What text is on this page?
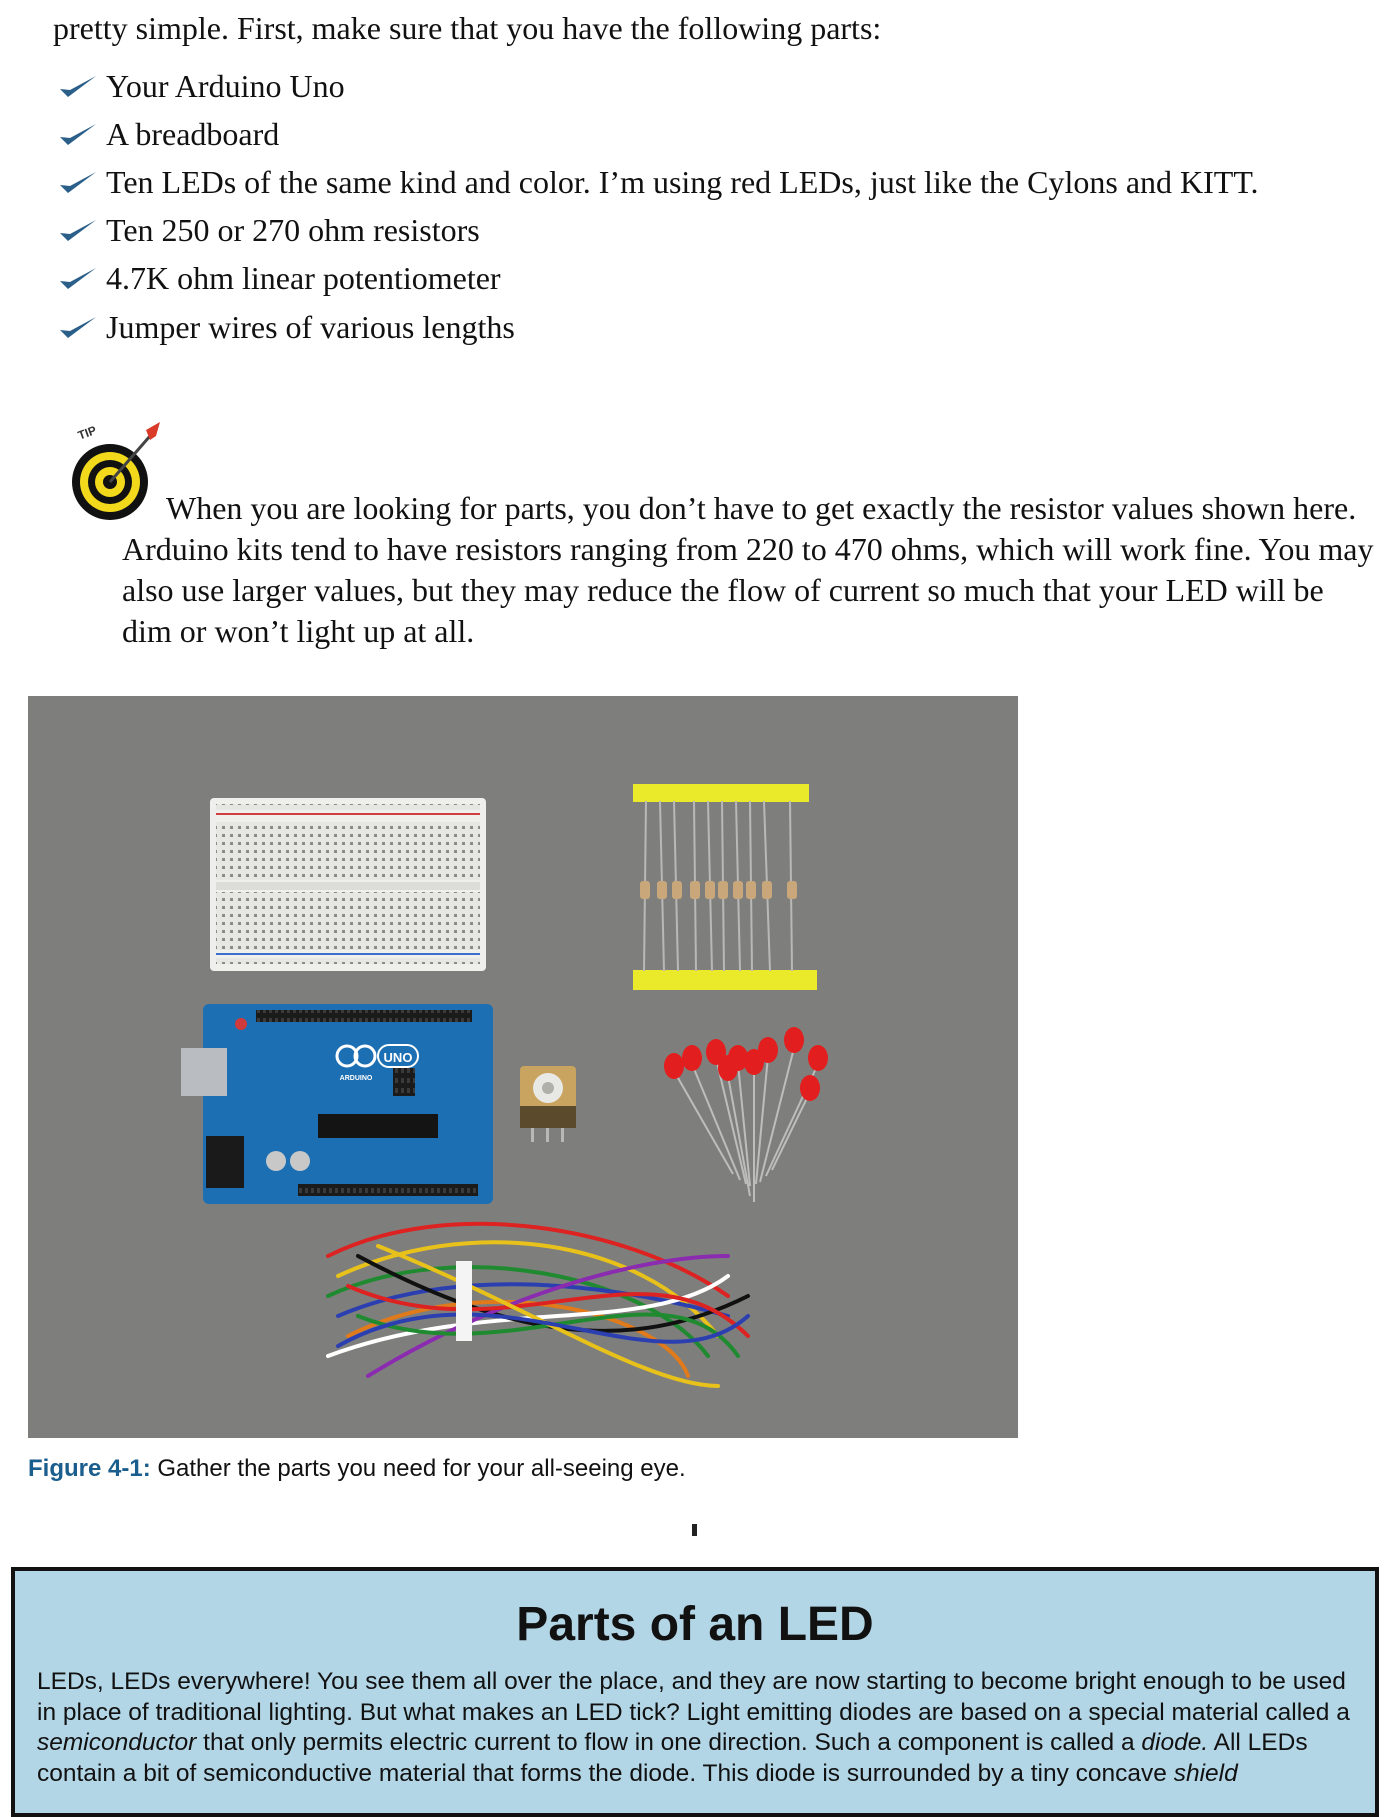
pretty simple. First, make sure that you have the following parts:

Your Arduino Uno
A breadboard
Ten LEDs of the same kind and color. I’m using red LEDs, just like the Cylons and KITT.
Ten 250 or 270 ohm resistors
4.7K ohm linear potentiometer
Jumper wires of various lengths
TIP

When you are looking for parts, you don’t have to get exactly the resistor values shown here. Arduino kits tend to have resistors ranging from 220 to 470 ohms, which will work fine. You may also use larger values, but they may reduce the flow of current so much that your LED will be dim or won’t light up at all.

UNO
ARDUINO

Figure 4-1: Gather the parts you need for your all-seeing eye.

Parts of an LED

LEDs, LEDs everywhere! You see them all over the place, and they are now starting to become bright enough to be used in place of traditional lighting. But what makes an LED tick? Light emitting diodes are based on a special material called a semiconductor that only permits electric current to flow in one direction. Such a component is called a diode. All LEDs contain a bit of semiconductive material that forms the diode. This diode is surrounded by a tiny concave shield
